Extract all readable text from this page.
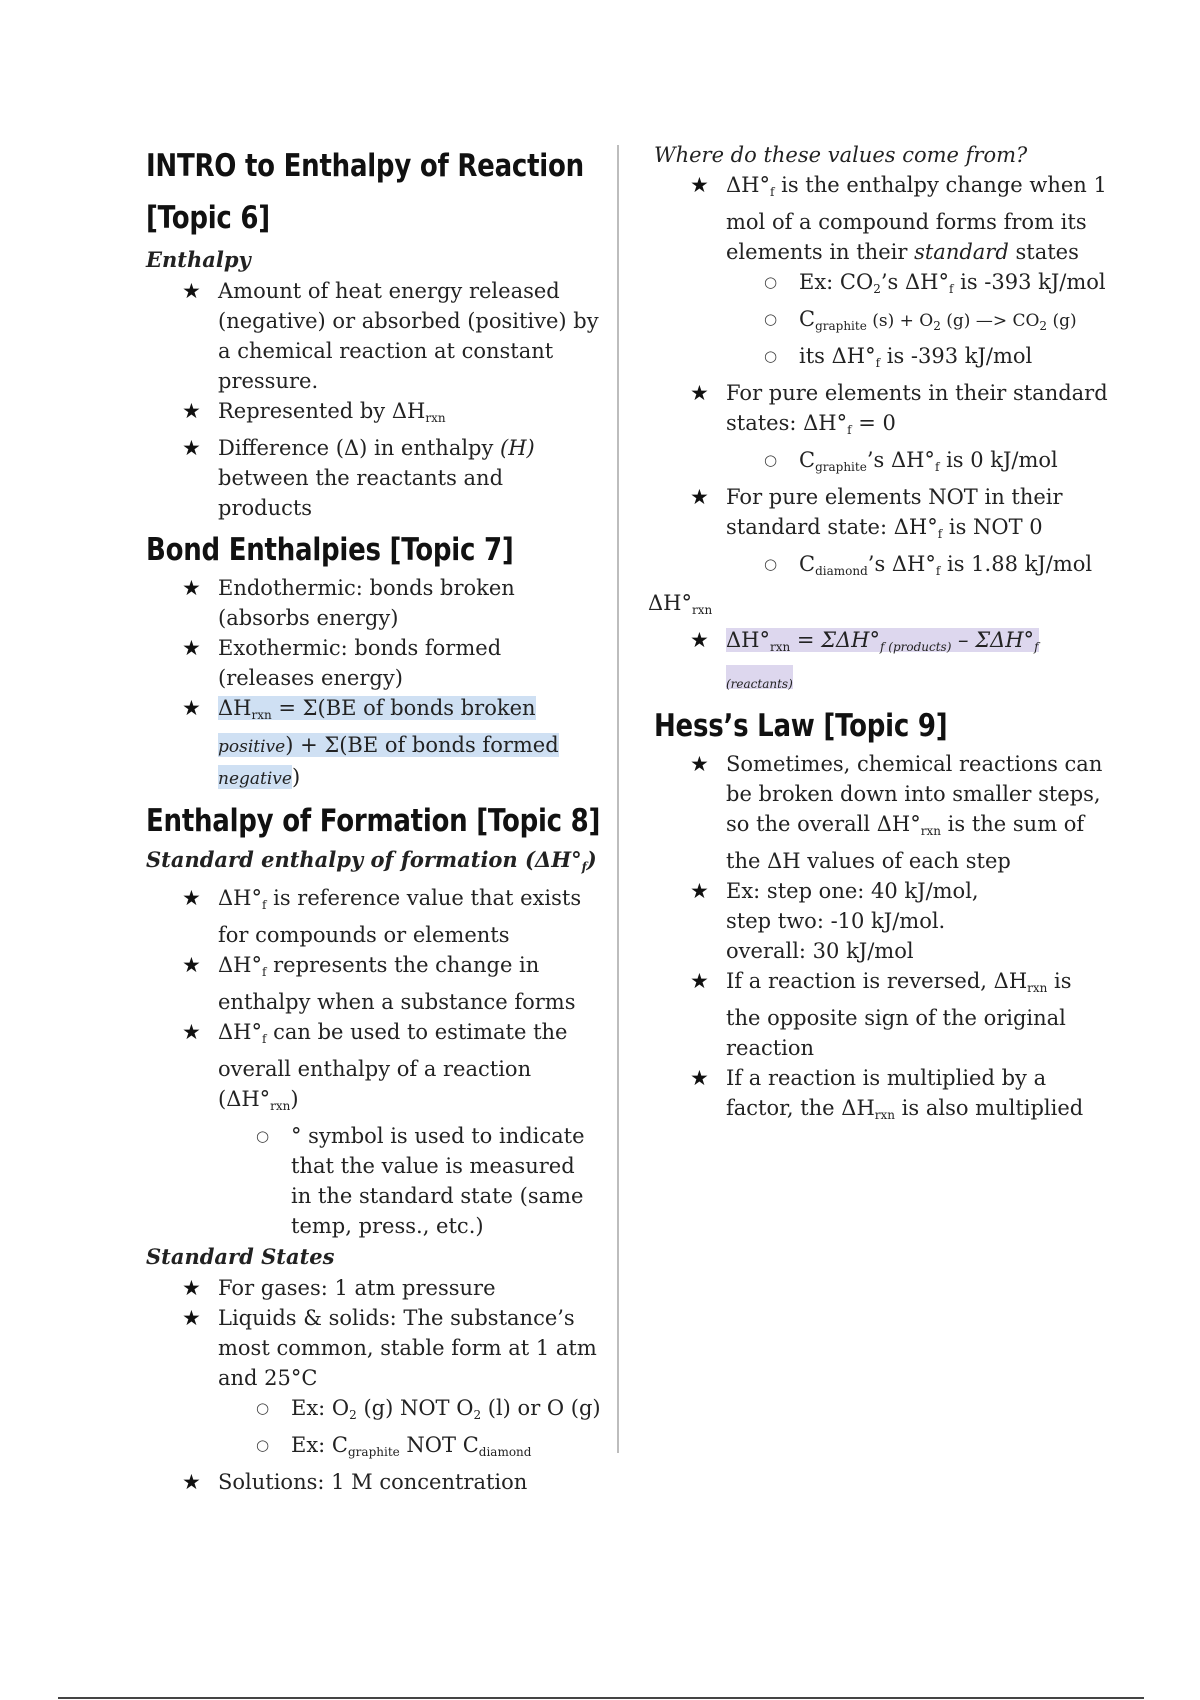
INTRO to Enthalpy of Reaction
[Topic 6]

Enthalpy

★ Amount of heat energy released (negative) or absorbed (positive) by a chemical reaction at constant pressure.
★ Represented by $\Delta H_{rxn}$
★ Difference (Δ) in enthalpy (H) between the reactants and products
Bond Enthalpies [Topic 7]
★ Endothermic: bonds broken (absorbs energy)
★ Exothermic: bonds formed (releases energy)
★ $\Delta H_{rxn} = \Sigma(BE$ of bonds broken positive) + Σ(BE of bonds formed negative)
Enthalpy of Formation [Topic 8]

Standard enthalpy of formation $(\Delta H^\circ_f)$

★ $\Delta H^\circ_f$ is reference value that exists for compounds or elements
★ $\Delta H^\circ_f$ represents the change in enthalpy when a substance forms
★ $\Delta H^\circ_f$ can be used to estimate the overall enthalpy of a reaction $(\Delta H^\circ_{rxn})$
○ ° symbol is used to indicate that the value is measured in the standard state (same temp, press., etc.)

Standard States

★ For gases: 1 atm pressure
★ Liquids & solids: The substance’s most common, stable form at 1 atm and 25°C
○ Ex: $O_2$ (g) NOT $O_2$ (l) or O (g)
○ Ex: $C_{graphite}$ NOT $C_{diamond}$
★ Solutions: 1 M concentration

Where do these values come from?

★ $\Delta H^\circ_f$ is the enthalpy change when 1 mol of a compound forms from its elements in their standard states
○ Ex: $CO_2’s$ $\Delta H^\circ_f$ is -393 kJ/mol
○ $C_{graphite}$ $(s) + O_2$ (g) —> $CO_2$ (g)
○ its $\Delta H^\circ_f$ is -393 kJ/mol
★ For pure elements in their standard states: $\Delta H^\circ_f = 0$
○ $C_{graphite}’s$ $\Delta H^\circ_f$ is 0 kJ/mol
★ For pure elements NOT in their standard state: $\Delta H^\circ_f$ is NOT 0
○ $C_{diamond}’s$ $\Delta H^\circ_f$ is 1.88 kJ/mol

$\Delta H^\circ_{rxn}$

★ $\Delta H^\circ_{rxn} = \Sigma\Delta H^\circ_{f (products)} - \Sigma\Delta H^\circ_{f (reactants)}$
Hess’s Law [Topic 9]
★ Sometimes, chemical reactions can be broken down into smaller steps, so the overall $\Delta H^\circ_{rxn}$ is the sum of the ΔH values of each step
★ Ex: step one: 40 kJ/mol,
step two: -10 kJ/mol.
overall: 30 kJ/mol
★ If a reaction is reversed, $\Delta H_{rxn}$ is the opposite sign of the original reaction
★ If a reaction is multiplied by a factor, the $\Delta H_{rxn}$ is also multiplied
